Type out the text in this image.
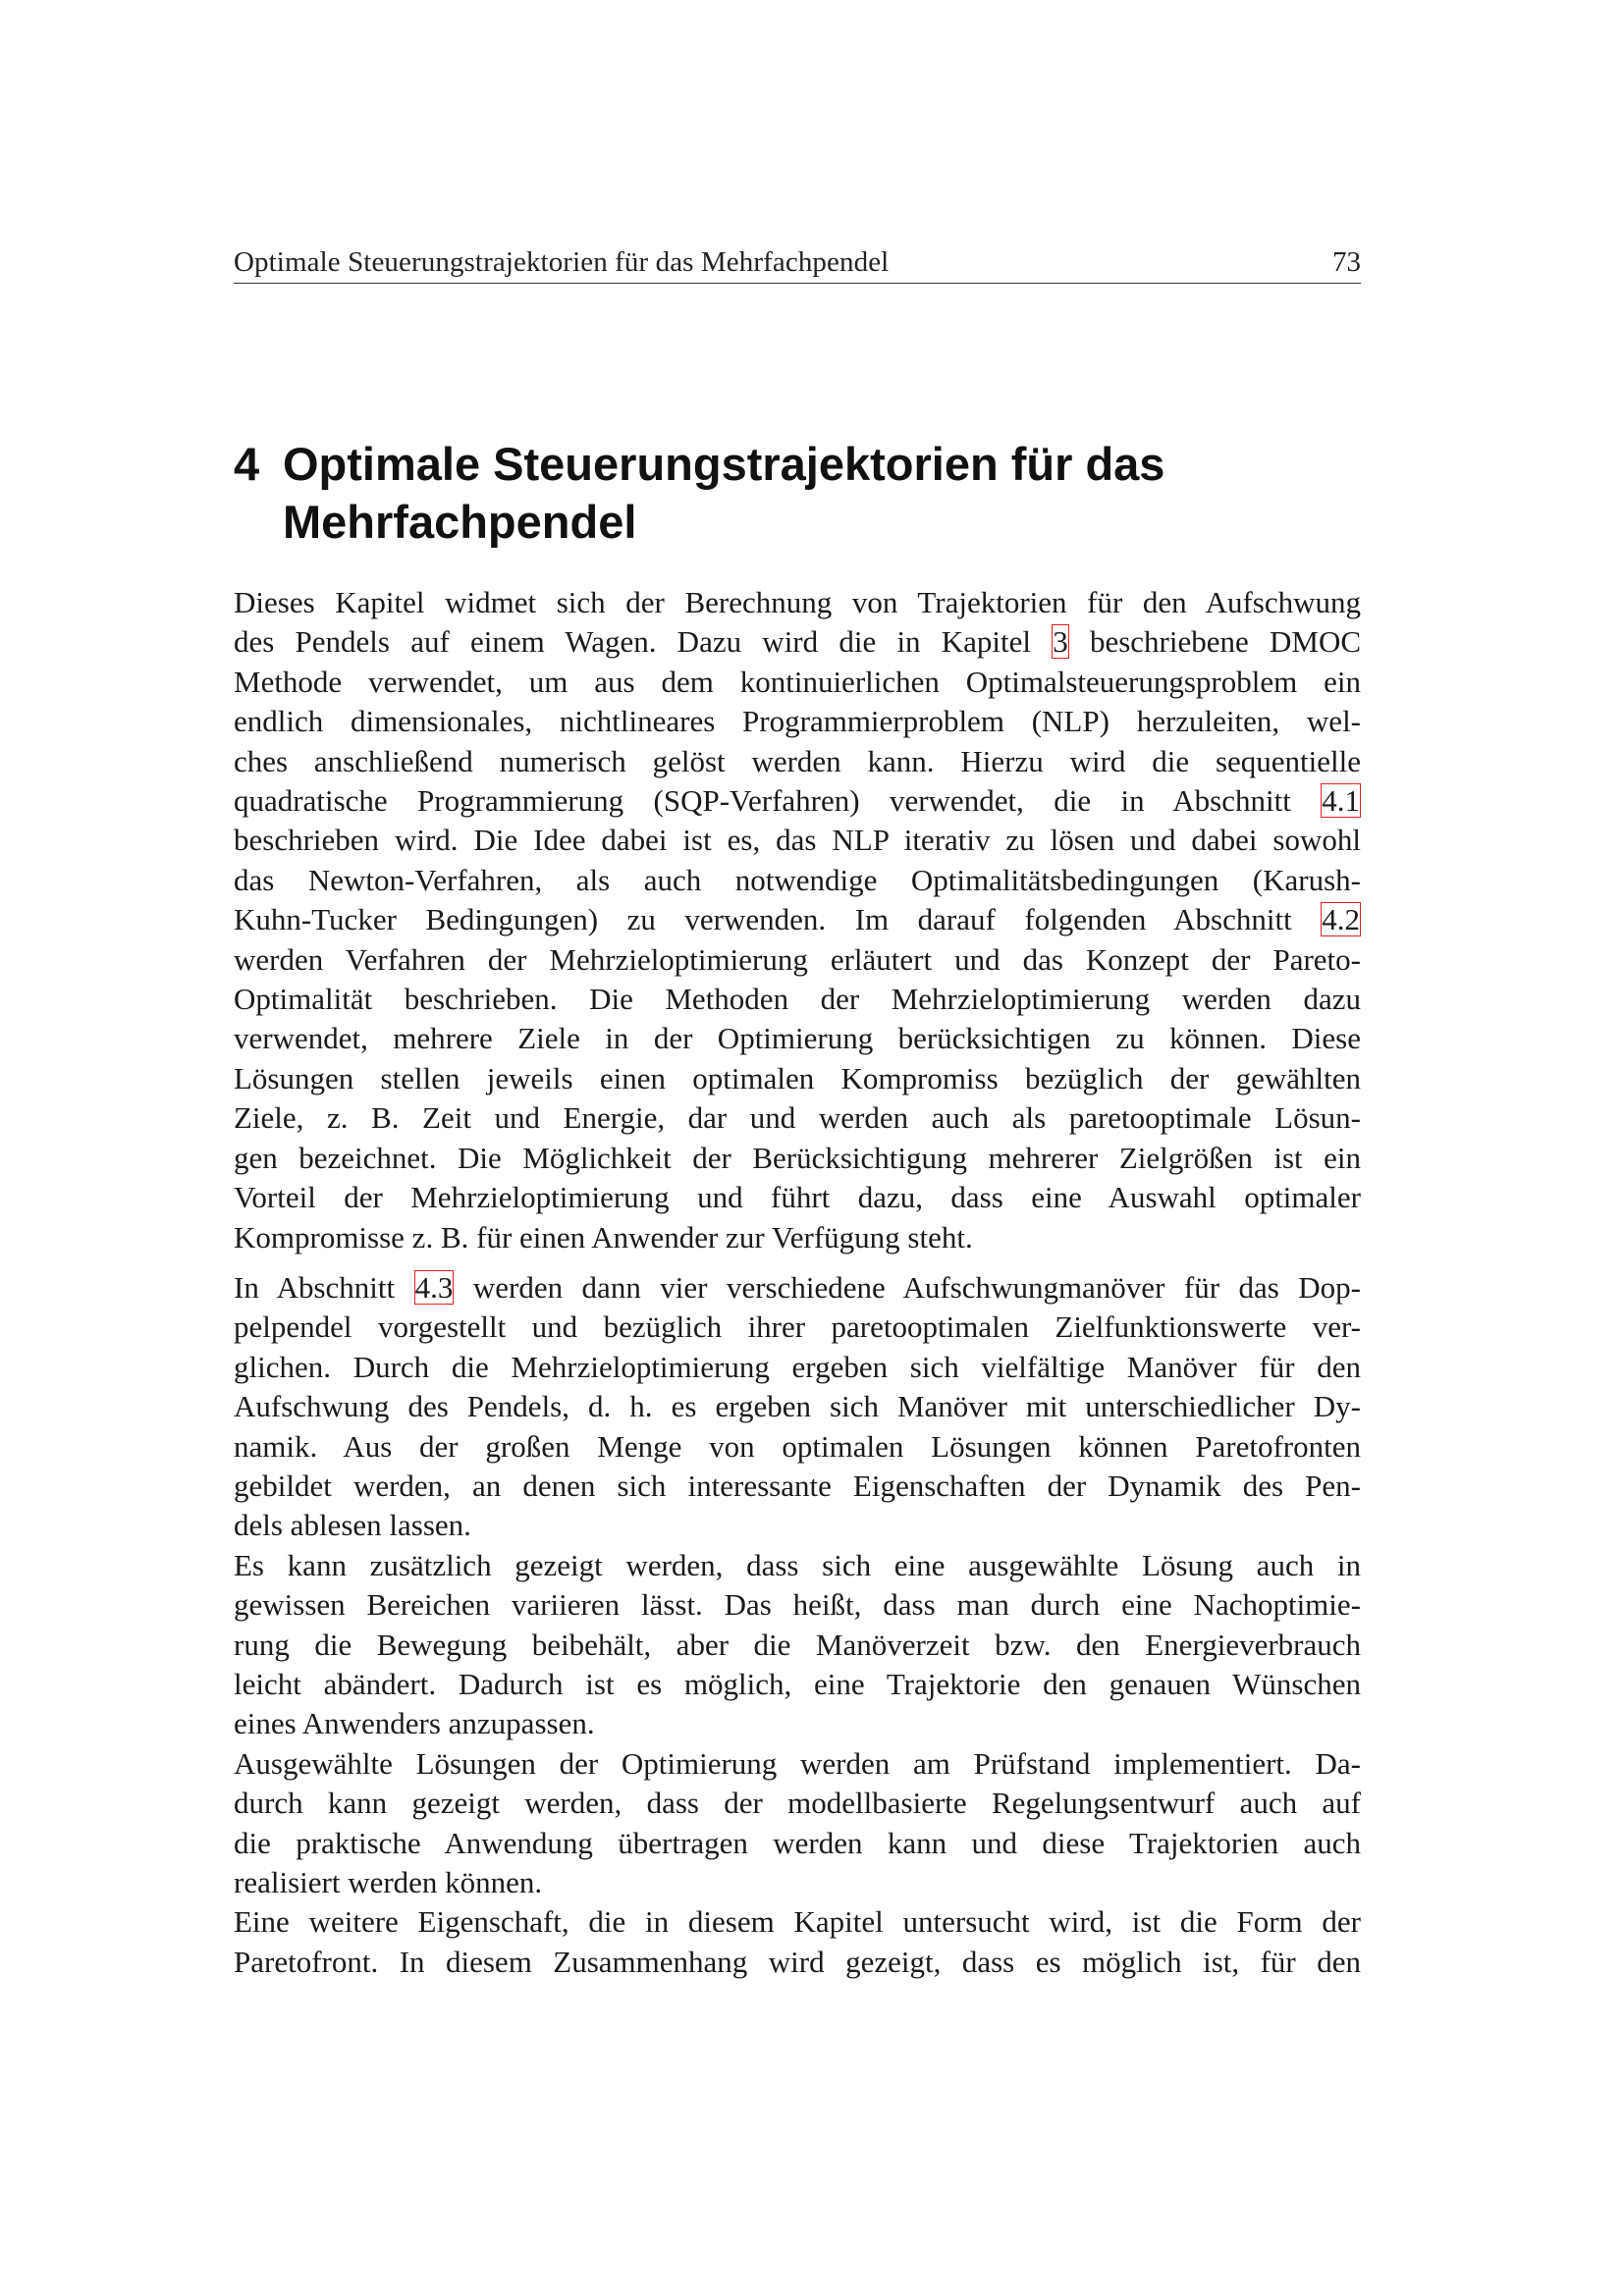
Optimale Steuerungstrajektorien für das Mehrfachpendel	73
4 Optimale Steuerungstrajektorien für das
Mehrfachpendel
Dieses Kapitel widmet sich der Berechnung von Trajektorien für den Aufschwung
des Pendels auf einem Wagen. Dazu wird die in Kapitel 3 beschriebene DMOC
Methode verwendet, um aus dem kontinuierlichen Optimalsteuerungsproblem ein
endlich dimensionales, nichtlineares Programmierproblem (NLP) herzuleiten, wel-
ches anschließend numerisch gelöst werden kann. Hierzu wird die sequentielle
quadratische Programmierung (SQP-Verfahren) verwendet, die in Abschnitt 4.1
beschrieben wird. Die Idee dabei ist es, das NLP iterativ zu lösen und dabei sowohl
das Newton-Verfahren, als auch notwendige Optimalitätsbedingungen (Karush-
Kuhn-Tucker Bedingungen) zu verwenden. Im darauf folgenden Abschnitt 4.2
werden Verfahren der Mehrzieloptimierung erläutert und das Konzept der Pareto-
Optimalität beschrieben. Die Methoden der Mehrzieloptimierung werden dazu
verwendet, mehrere Ziele in der Optimierung berücksichtigen zu können. Diese
Lösungen stellen jeweils einen optimalen Kompromiss bezüglich der gewählten
Ziele, z. B. Zeit und Energie, dar und werden auch als paretooptimale Lösun-
gen bezeichnet. Die Möglichkeit der Berücksichtigung mehrerer Zielgrößen ist ein
Vorteil der Mehrzieloptimierung und führt dazu, dass eine Auswahl optimaler
Kompromisse z. B. für einen Anwender zur Verfügung steht.
In Abschnitt 4.3 werden dann vier verschiedene Aufschwungmanöver für das Dop-
pelpendel vorgestellt und bezüglich ihrer paretooptimalen Zielfunktionswerte ver-
glichen. Durch die Mehrzieloptimierung ergeben sich vielfältige Manöver für den
Aufschwung des Pendels, d. h. es ergeben sich Manöver mit unterschiedlicher Dy-
namik. Aus der großen Menge von optimalen Lösungen können Paretofronten
gebildet werden, an denen sich interessante Eigenschaften der Dynamik des Pen-
dels ablesen lassen.
Es kann zusätzlich gezeigt werden, dass sich eine ausgewählte Lösung auch in
gewissen Bereichen variieren lässt. Das heißt, dass man durch eine Nachoptimie-
rung die Bewegung beibehält, aber die Manöverzeit bzw. den Energieverbrauch
leicht abändert. Dadurch ist es möglich, eine Trajektorie den genauen Wünschen
eines Anwenders anzupassen.
Ausgewählte Lösungen der Optimierung werden am Prüfstand implementiert. Da-
durch kann gezeigt werden, dass der modellbasierte Regelungsentwurf auch auf
die praktische Anwendung übertragen werden kann und diese Trajektorien auch
realisiert werden können.
Eine weitere Eigenschaft, die in diesem Kapitel untersucht wird, ist die Form der
Paretofront. In diesem Zusammenhang wird gezeigt, dass es möglich ist, für den
